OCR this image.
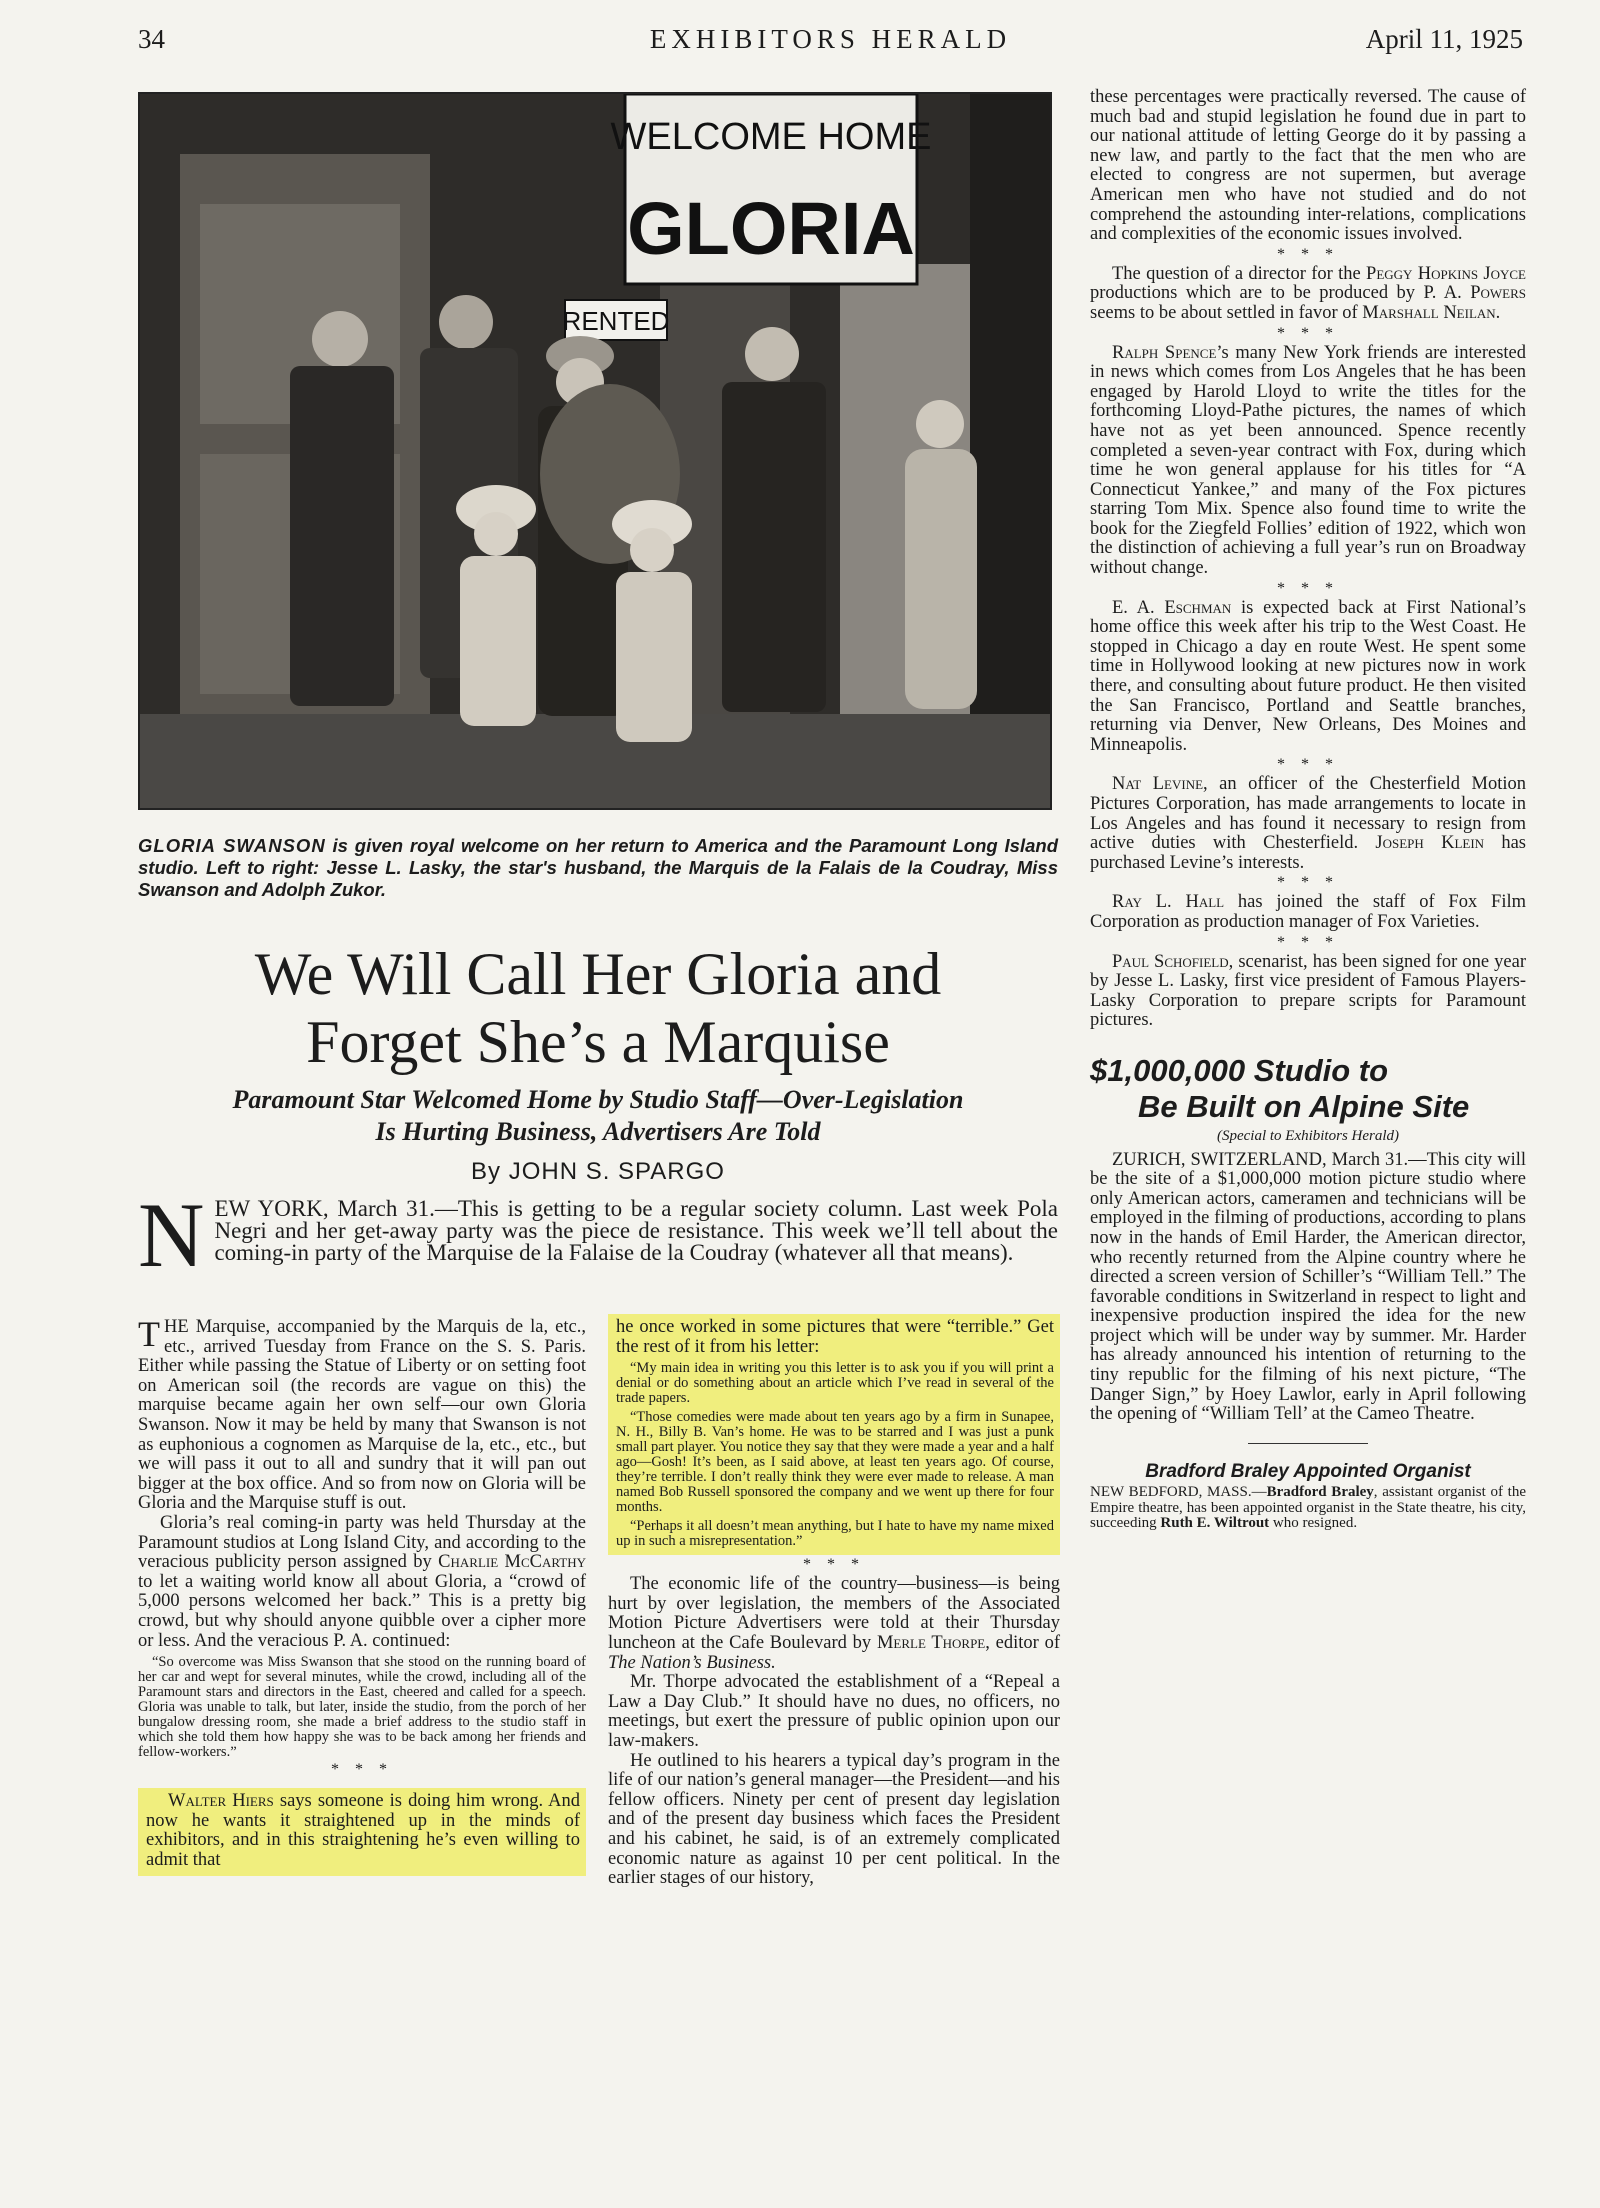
34	EXHIBITORS HERALD	April 11, 1925
WELCOME HOME
GLORIA
RENTED
GLORIA SWANSON is given royal welcome on her return to America and the Paramount Long Island studio. Left to right: Jesse L. Lasky, the star's husband, the Marquis de la Falais de la Coudray, Miss Swanson and Adolph Zukor.
We Will Call Her Gloria and
Forget She’s a Marquise
Paramount Star Welcomed Home by Studio Staff—Over-Legislation
Is Hurting Business, Advertisers Are Told
By JOHN S. SPARGO
NEW YORK, March 31.—This is getting to be a regular society column. Last week Pola Negri and her get-away party was the piece de resistance. This week we’ll tell about the coming-in party of the Marquise de la Falaise de la Coudray (whatever all that means).

THE Marquise, accompanied by the Marquis de la, etc., etc., arrived Tuesday from France on the S. S. Paris. Either while passing the Statue of Liberty or on setting foot on American soil (the records are vague on this) the marquise became again her own self—our own Gloria Swanson. Now it may be held by many that Swanson is not as euphonious a cognomen as Marquise de la, etc., etc., but we will pass it out to all and sundry that it will pan out bigger at the box office. And so from now on Gloria will be Gloria and the Marquise stuff is out.

Gloria’s real coming-in party was held Thursday at the Paramount studios at Long Island City, and according to the veracious publicity person assigned by Charlie McCarthy to let a waiting world know all about Gloria, a “crowd of 5,000 persons welcomed her back.” This is a pretty big crowd, but why should anyone quibble over a cipher more or less. And the veracious P. A. continued:

“So overcome was Miss Swanson that she stood on the running board of her car and wept for several minutes, while the crowd, including all of the Paramount stars and directors in the East, cheered and called for a speech. Gloria was unable to talk, but later, inside the studio, from the porch of her bungalow dressing room, she made a brief address to the studio staff in which she told them how happy she was to be back among her friends and fellow-workers.”

* * *

Walter Hiers says someone is doing him wrong. And now he wants it straightened up in the minds of exhibitors, and in this straightening he’s even willing to admit that

he once worked in some pictures that were “terrible.” Get the rest of it from his letter:

“My main idea in writing you this letter is to ask you if you will print a denial or do something about an article which I’ve read in several of the trade papers.

“Those comedies were made about ten years ago by a firm in Sunapee, N. H., Billy B. Van’s home. He was to be starred and I was just a punk small part player. You notice they say that they were made a year and a half ago—Gosh! It’s been, as I said above, at least ten years ago. Of course, they’re terrible. I don’t really think they were ever made to release. A man named Bob Russell sponsored the company and we went up there for four months.

“Perhaps it all doesn’t mean anything, but I hate to have my name mixed up in such a misrepresentation.”

* * *

The economic life of the country—business—is being hurt by over legislation, the members of the Associated Motion Picture Advertisers were told at their Thursday luncheon at the Cafe Boulevard by Merle Thorpe, editor of The Nation’s Business.

Mr. Thorpe advocated the establishment of a “Repeal a Law a Day Club.” It should have no dues, no officers, no meetings, but exert the pressure of public opinion upon our law-makers.

He outlined to his hearers a typical day’s program in the life of our nation’s general manager—the President—and his fellow officers. Ninety per cent of present day legislation and of the present day business which faces the President and his cabinet, he said, is of an extremely complicated economic nature as against 10 per cent political. In the earlier stages of our history,

these percentages were practically reversed. The cause of much bad and stupid legislation he found due in part to our national attitude of letting George do it by passing a new law, and partly to the fact that the men who are elected to congress are not supermen, but average American men who have not studied and do not comprehend the astounding inter-relations, complications and complexities of the economic issues involved.

* * *

The question of a director for the Peggy Hopkins Joyce productions which are to be produced by P. A. Powers seems to be about settled in favor of Marshall Neilan.

* * *

Ralph Spence’s many New York friends are interested in news which comes from Los Angeles that he has been engaged by Harold Lloyd to write the titles for the forthcoming Lloyd-Pathe pictures, the names of which have not as yet been announced. Spence recently completed a seven-year contract with Fox, during which time he won general applause for his titles for “A Connecticut Yankee,” and many of the Fox pictures starring Tom Mix. Spence also found time to write the book for the Ziegfeld Follies’ edition of 1922, which won the distinction of achieving a full year’s run on Broadway without change.

* * *

E. A. Eschman is expected back at First National’s home office this week after his trip to the West Coast. He stopped in Chicago a day en route West. He spent some time in Hollywood looking at new pictures now in work there, and consulting about future product. He then visited the San Francisco, Portland and Seattle branches, returning via Denver, New Orleans, Des Moines and Minneapolis.

* * *

Nat Levine, an officer of the Chesterfield Motion Pictures Corporation, has made arrangements to locate in Los Angeles and has found it necessary to resign from active duties with Chesterfield. Joseph Klein has purchased Levine’s interests.

* * *

Ray L. Hall has joined the staff of Fox Film Corporation as production manager of Fox Varieties.

* * *

Paul Schofield, scenarist, has been signed for one year by Jesse L. Lasky, first vice president of Famous Players-Lasky Corporation to prepare scripts for Paramount pictures.

$1,000,000 Studio to
Be Built on Alpine Site
(Special to Exhibitors Herald)

ZURICH, SWITZERLAND, March 31.—This city will be the site of a $1,000,000 motion picture studio where only American actors, cameramen and technicians will be employed in the filming of productions, according to plans now in the hands of Emil Harder, the American director, who recently returned from the Alpine country where he directed a screen version of Schiller’s “William Tell.” The favorable conditions in Switzerland in respect to light and inexpensive production inspired the idea for the new project which will be under way by summer. Mr. Harder has already announced his intention of returning to the tiny republic for the filming of his next picture, “The Danger Sign,” by Hoey Lawlor, early in April following the opening of “William Tell’ at the Cameo Theatre.

Bradford Braley Appointed Organist
NEW BEDFORD, MASS.—Bradford Braley, assistant organist of the Empire theatre, has been appointed organist in the State theatre, his city, succeeding Ruth E. Wiltrout who resigned.
